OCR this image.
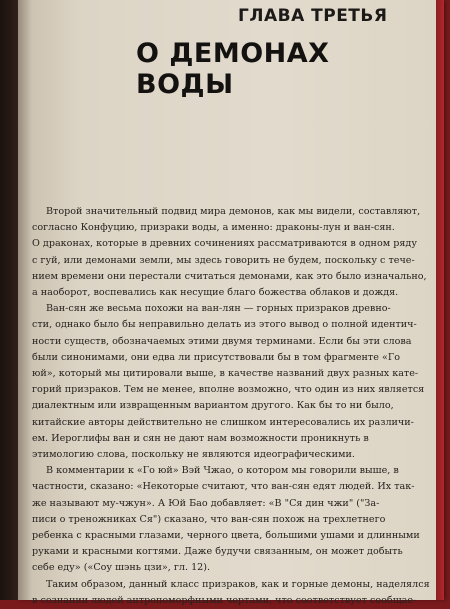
ГЛАВА ТРЕТЬЯ
О ДЕМОНАХ ВОДЫ
Второй значительный подвид мира демонов, как мы видели, составляют,
согласно Конфуцию, призраки воды, а именно: драконы-лун и ван-сян.
О драконах, которые в древних сочинениях рассматриваются в одном ряду
с гуй, или демонами земли, мы здесь говорить не будем, поскольку с тече-
нием времени они перестали считаться демонами, как это было изначально,
а наоборот, воспевались как несущие благо божества облаков и дождя.
Ван-сян же весьма похожи на ван-лян — горных призраков древно-
сти, однако было бы неправильно делать из этого вывод о полной идентич-
ности существ, обозначаемых этими двумя терминами. Если бы эти слова
были синонимами, они едва ли присутствовали бы в том фрагменте «Го
юй», который мы цитировали выше, в качестве названий двух разных кате-
горий призраков. Тем не менее, вполне возможно, что один из них является
диалектным или извращенным вариантом другого. Как бы то ни было,
китайские авторы действительно не слишком интересовались их различи-
ем. Иероглифы ван и сян не дают нам возможности проникнуть в
этимологию слова, поскольку не являются идеографическими.
В комментарии к «Го юй» Вэй Чжао, о котором мы говорили выше, в
частности, сказано: «Некоторые считают, что ван-сян едят людей. Их так-
же называют му-чжун». А Юй Бао добавляет: «В "Ся дин чжи" ("За-
писи о треножниках Ся") сказано, что ван-сян похож на трехлетнего
ребенка с красными глазами, черного цвета, большими ушами и длинными
руками и красными когтями. Даже будучи связанным, он может добыть
себе еду» («Соу шэнь цзи», гл. 12).
Таким образом, данный класс призраков, как и горные демоны, наделялся
в сознании людей антропоморфными чертами, что соответствует сообщае-
